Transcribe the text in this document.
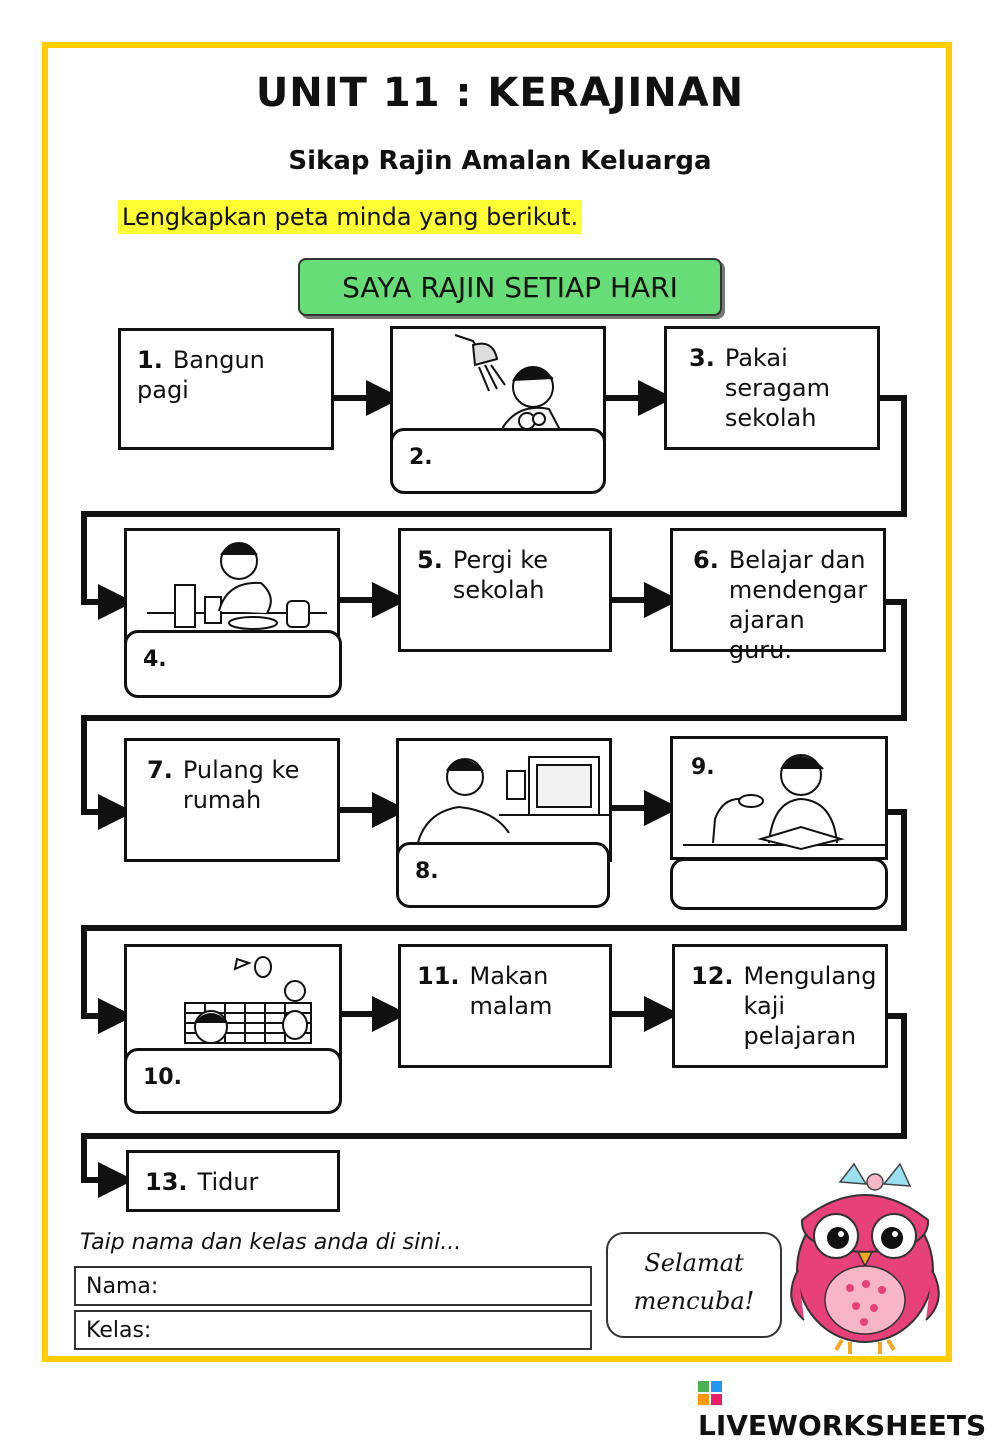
UNIT 11 : KERAJINAN
Sikap Rajin Amalan Keluarga
Lengkapkan peta minda yang berikut.
SAYA RAJIN SETIAP HARI
1. Bangun pagi
2.
3. Pakai seragam sekolah
4.
5. Pergi ke sekolah
6. Belajar dan mendengar ajaran guru.
7. Pulang ke rumah
8.
9.
10.
11. Makan malam
12. Mengulang kaji pelajaran
13. Tidur
Taip nama dan kelas anda di sini...
Nama:
Kelas:
Selamat
mencuba!
LIVEWORKSHEETS
